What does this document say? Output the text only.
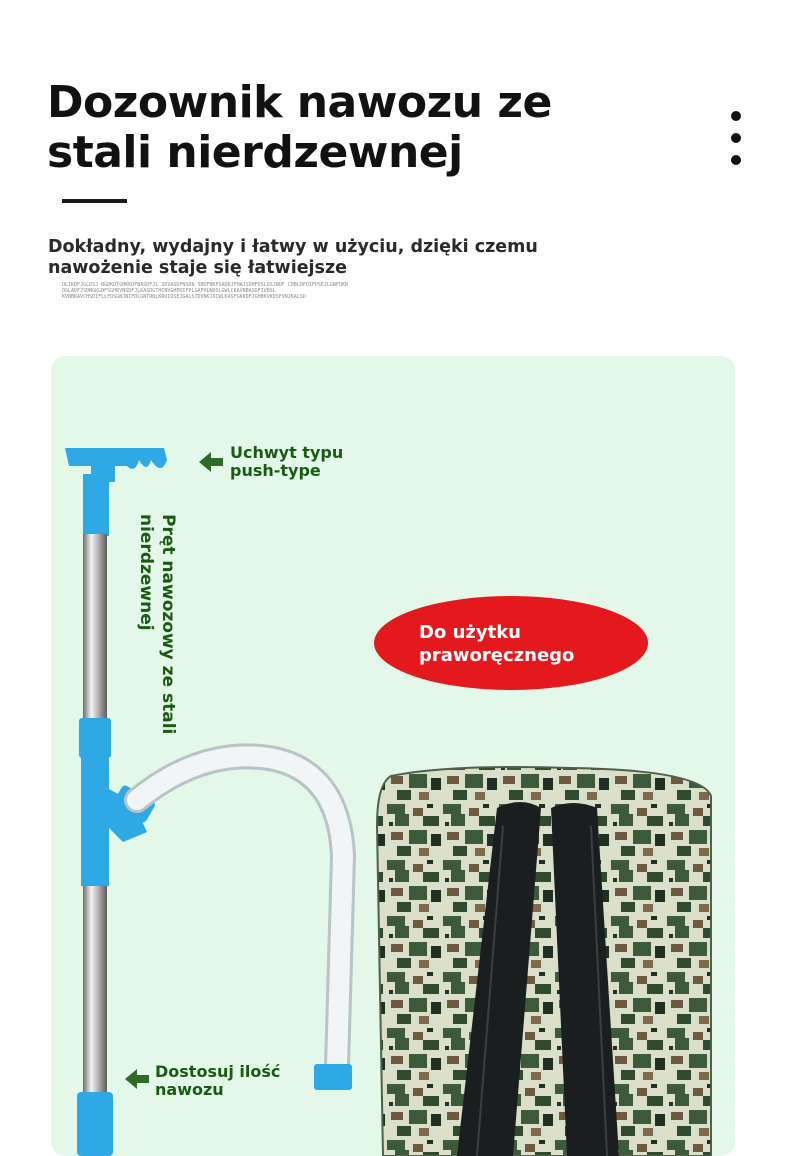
Dozownik nawozu ze
stali nierdzewnej

Dokładny, wydajny i łatwy w użyciu, dzięki czemu
nawożenie staje się łatwiejsze

OLIKDFJGLDSJ NGDKDTGHKKDFBASDFJL SDVASDFNSDN SBDFNKFSADKJFHAJSDHFDSLDSJNUF CDBLDFOIFPSEJLGNFDKN
OGLADFJSDNGKLDFSGHBVNSDFJLKASDGTHCNVGHEKIFPLGAFHLNDSLGWLCKAVNBASDFIVBSL
KVNBKAVCHSDIFLLFDSGNJNIFDLGNTRNLKRUIOSEJGALSTDVNKJXCWLKASFGKKDFJGHBKVKDSFVNJKALSD
Uchwyt typu
push-type
Pręt nawozowy ze stali
nierdzewnej
Do użytku
praworęcznego
Dostosuj ilość
nawozu
